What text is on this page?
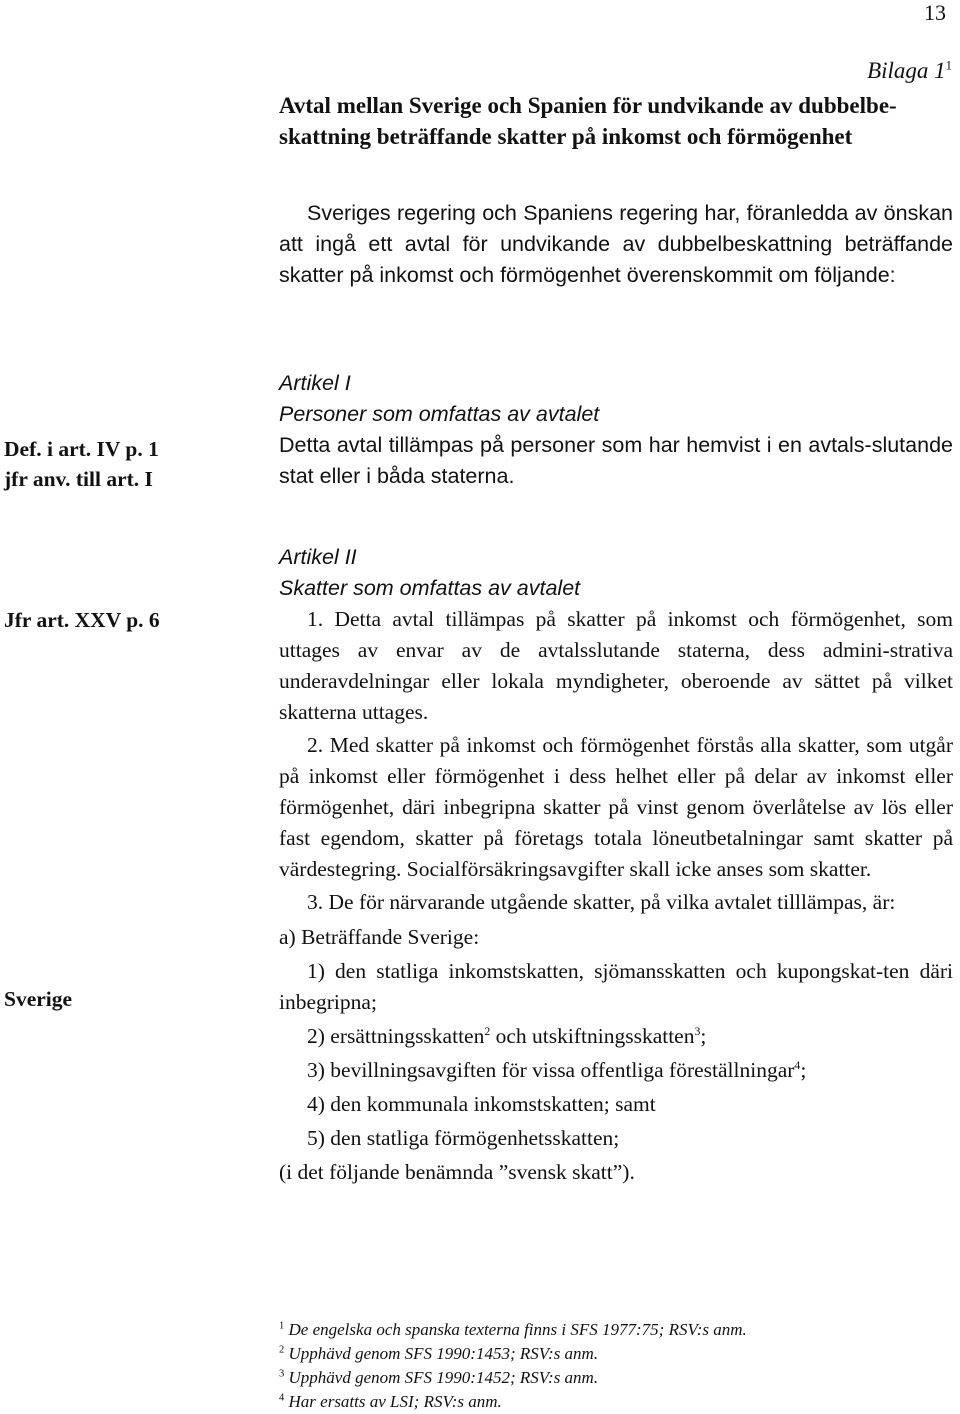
13
Bilaga $1^1$
Avtal mellan Sverige och Spanien för undvikande av dubbelbe-
skattning beträffande skatter på inkomst och förmögenhet

Sveriges regering och Spaniens regering har, föranledda av önskan att ingå ett avtal för undvikande av dubbelbeskattning beträffande skatter på inkomst och förmögenhet överenskommit om följande:

Def. i art. IV p. 1
jfr anv. till art. I
Jfr art. XXV p. 6
Sverige

Artikel I

Personer som omfattas av avtalet

Detta avtal tillämpas på personer som har hemvist i en avtals-slutande stat eller i båda staterna.

Artikel II

Skatter som omfattas av avtalet

1. Detta avtal tillämpas på skatter på inkomst och förmögenhet, som uttages av envar av de avtalsslutande staterna, dess admini-strativa underavdelningar eller lokala myndigheter, oberoende av sättet på vilket skatterna uttages.

2. Med skatter på inkomst och förmögenhet förstås alla skatter, som utgår på inkomst eller förmögenhet i dess helhet eller på delar av inkomst eller förmögenhet, däri inbegripna skatter på vinst genom överlåtelse av lös eller fast egendom, skatter på företags totala löneutbetalningar samt skatter på värdestegring. Socialförsäkringsavgifter skall icke anses som skatter.

3. De för närvarande utgående skatter, på vilka avtalet tilllämpas, är:

a) Beträffande Sverige:

1) den statliga inkomstskatten, sjömansskatten och kupongskat-ten däri inbegripna;

2) ersättningsskatten$^2$ och utskiftningsskatten$^3$;

3) bevillningsavgiften för vissa offentliga föreställningar$^4$;

4) den kommunala inkomstskatten; samt

5) den statliga förmögenhetsskatten;

(i det följande benämnda ”svensk skatt”).

$^1$ De engelska och spanska texterna finns i SFS 1977:75; RSV:s anm.
$^2$ Upphävd genom SFS 1990:1453; RSV:s anm.
$^3$ Upphävd genom SFS 1990:1452; RSV:s anm.
$^4$ Har ersatts av LSI; RSV:s anm.
